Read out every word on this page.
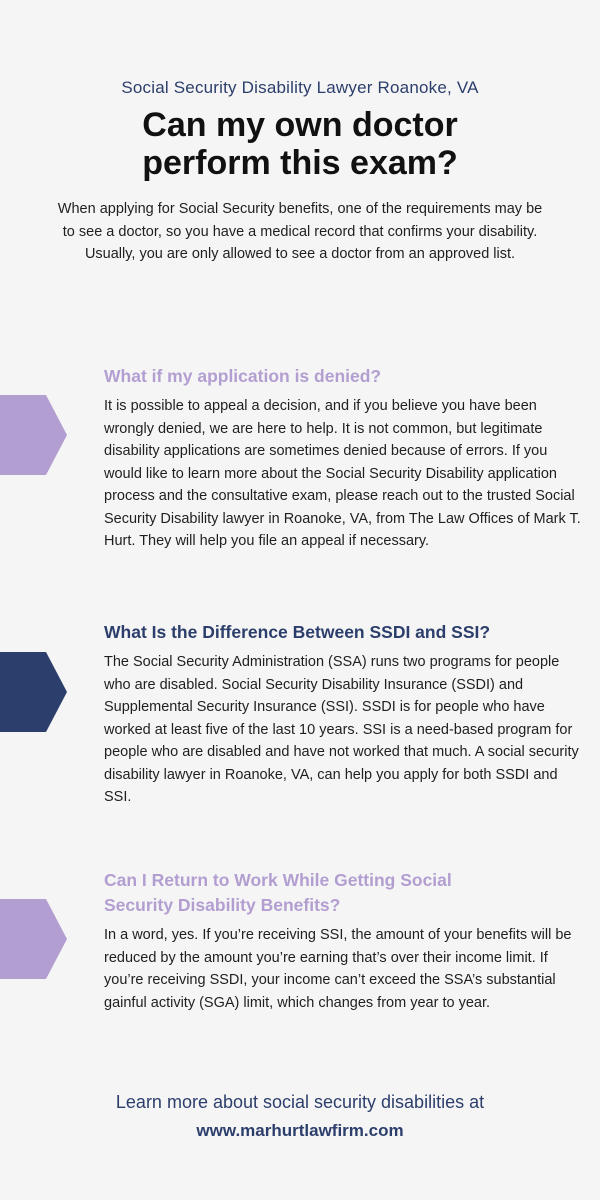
Social Security Disability Lawyer Roanoke, VA
Can my own doctor
perform this exam?
When applying for Social Security benefits, one of the requirements may be to see a doctor, so you have a medical record that confirms your disability. Usually, you are only allowed to see a doctor from an approved list.
What if my application is denied?

It is possible to appeal a decision, and if you believe you have been wrongly denied, we are here to help. It is not common, but legitimate disability applications are sometimes denied because of errors. If you would like to learn more about the Social Security Disability application process and the consultative exam, please reach out to the trusted Social Security Disability lawyer in Roanoke, VA, from The Law Offices of Mark T. Hurt. They will help you file an appeal if necessary.

What Is the Difference Between SSDI and SSI?

The Social Security Administration (SSA) runs two programs for people who are disabled. Social Security Disability Insurance (SSDI) and Supplemental Security Insurance (SSI). SSDI is for people who have worked at least five of the last 10 years. SSI is a need-based program for people who are disabled and have not worked that much. A social security disability lawyer in Roanoke, VA, can help you apply for both SSDI and SSI.

Can I Return to Work While Getting Social Security Disability Benefits?

In a word, yes. If you’re receiving SSI, the amount of your benefits will be reduced by the amount you’re earning that’s over their income limit. If you’re receiving SSDI, your income can’t exceed the SSA’s substantial gainful activity (SGA) limit, which changes from year to year.

Learn more about social security disabilities at
www.marhurtlawfirm.com
